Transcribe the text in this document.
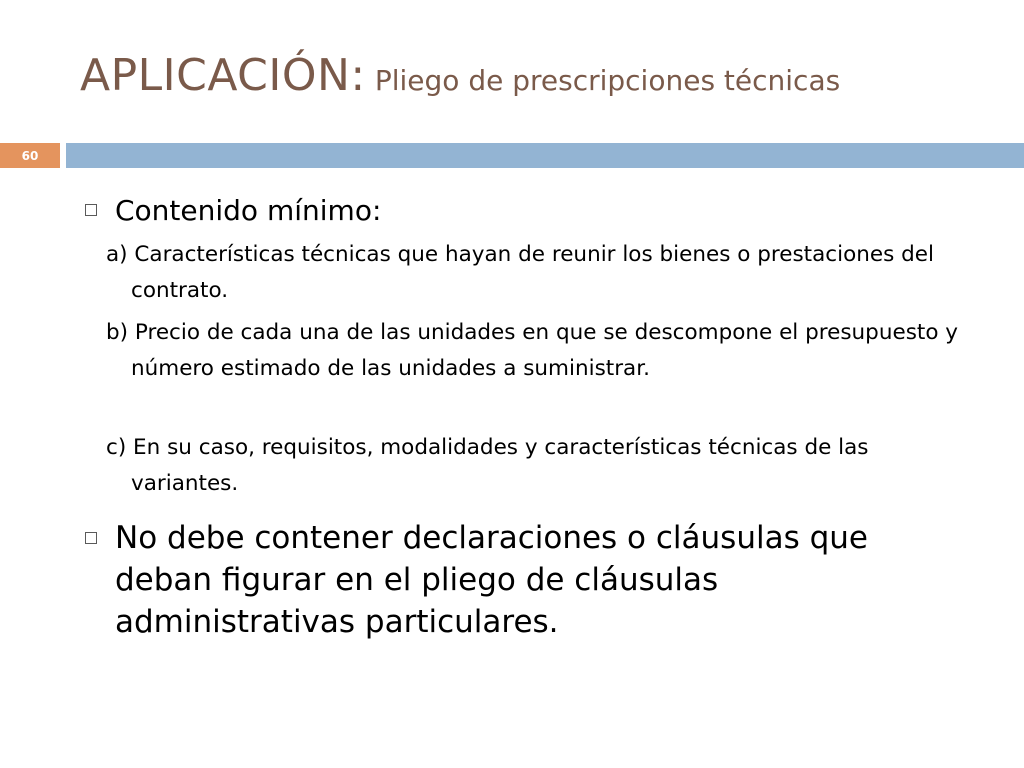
APLICACIÓN: Pliego de prescripciones técnicas
60
Contenido mínimo:
a) Características técnicas que hayan de reunir los bienes o prestaciones del contrato.
b) Precio de cada una de las unidades en que se descompone el presupuesto y número estimado de las unidades a suministrar.
c) En su caso, requisitos, modalidades y características técnicas de las variantes.
No debe contener declaraciones o cláusulas que deban figurar en el pliego de cláusulas administrativas particulares.
